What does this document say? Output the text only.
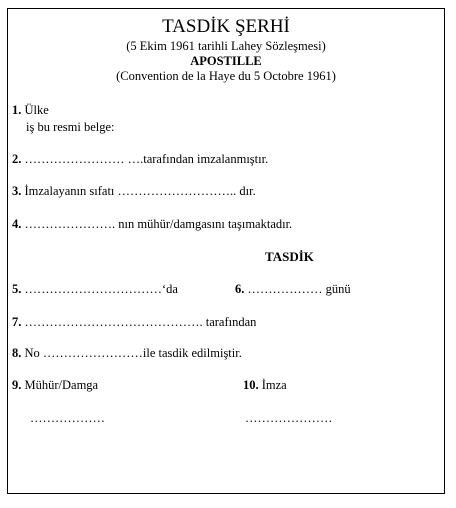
TASDİK ŞERHİ
(5 Ekim 1961 tarihli Lahey Sözleşmesi)
APOSTILLE
(Convention de la Haye du 5 Octobre 1961)
1. Ülke
iş bu resmi belge:
2. …………………… ….tarafından imzalanmıştır.
3. İmzalayanın sıfatı ……………………….. dır.
4. …………………. nın mühür/damgasını taşımaktadır.
TASDİK
5. ……………………………‘da	6. ……………… günü
7. ……………………………………. tarafından
8. No ……………………ile tasdik edilmiştir.
9. Mühür/Damga
………………
10. İmza
…………………
